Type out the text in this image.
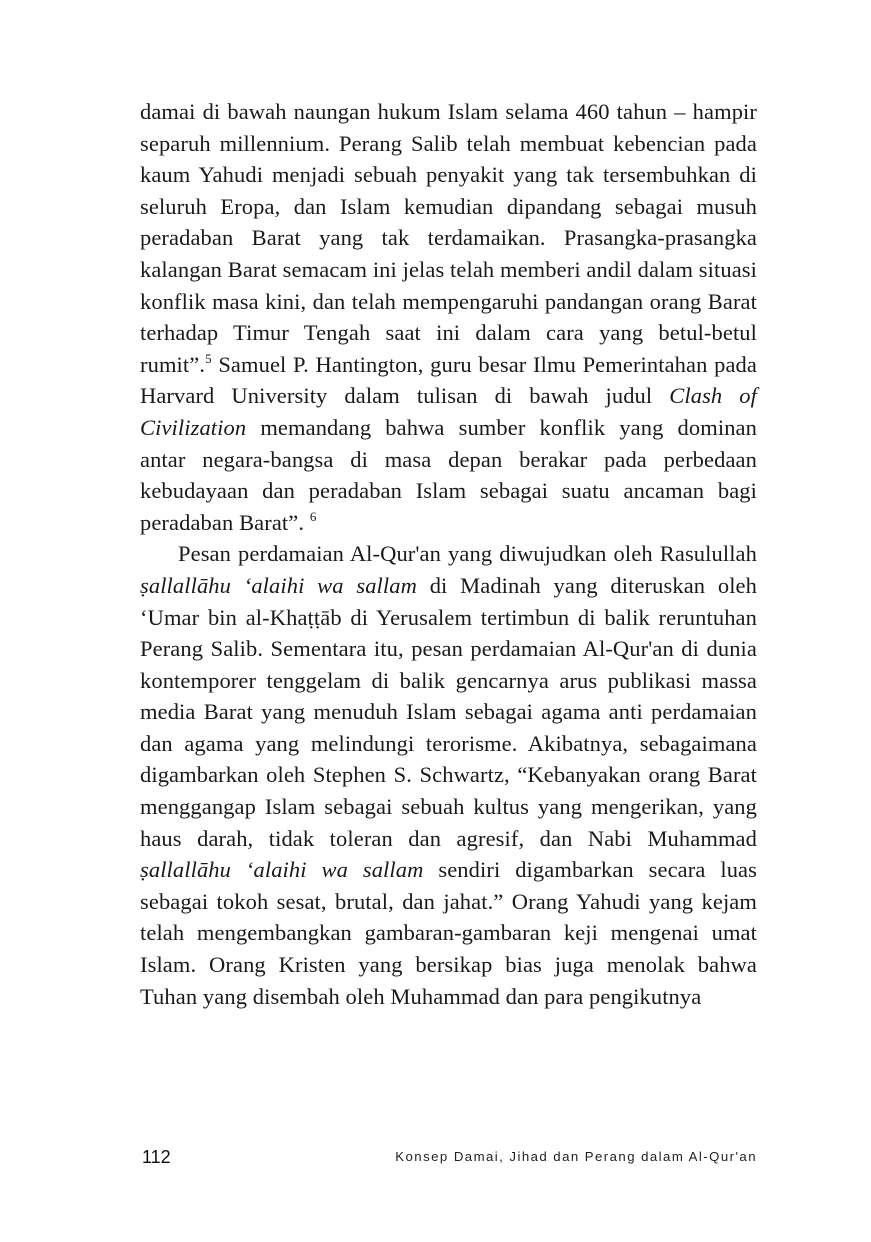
damai di bawah naungan hukum Islam selama 460 tahun – hampir separuh millennium. Perang Salib telah membuat kebencian pada kaum Yahudi menjadi sebuah penyakit yang tak tersembuhkan di seluruh Eropa, dan Islam kemudian dipandang sebagai musuh peradaban Barat yang tak terdamaikan. Prasangka-prasangka kalangan Barat semacam ini jelas telah memberi andil dalam situasi konflik masa kini, dan telah mempengaruhi pandangan orang Barat terhadap Timur Tengah saat ini dalam cara yang betul-betul rumit”.$^5$ Samuel P. Hantington, guru besar Ilmu Pemerintahan pada Harvard University dalam tulisan di bawah judul Clash of Civilization memandang bahwa sumber konflik yang dominan antar negara-bangsa di masa depan berakar pada perbedaan kebudayaan dan peradaban Islam sebagai suatu ancaman bagi peradaban Barat”. $^6$

Pesan perdamaian Al-Qur'an yang diwujudkan oleh Rasulullah ṣallallāhu ‘alaihi wa sallam di Madinah yang diteruskan oleh ‘Umar bin al-Khaṭṭāb di Yerusalem tertimbun di balik reruntuhan Perang Salib. Sementara itu, pesan perdamaian Al-Qur'an di dunia kontemporer tenggelam di balik gencarnya arus publikasi massa media Barat yang menuduh Islam sebagai agama anti perdamaian dan agama yang melindungi terorisme. Akibatnya, sebagaimana digambarkan oleh Stephen S. Schwartz, “Kebanyakan orang Barat menggangap Islam sebagai sebuah kultus yang mengerikan, yang haus darah, tidak toleran dan agresif, dan Nabi Muhammad ṣallallāhu ‘alaihi wa sallam sendiri digambarkan secara luas sebagai tokoh sesat, brutal, dan jahat.” Orang Yahudi yang kejam telah mengembangkan gambaran-gambaran keji mengenai umat Islam. Orang Kristen yang bersikap bias juga menolak bahwa Tuhan yang disembah oleh Muhammad dan para pengikutnya

112	Konsep Damai, Jihad dan Perang dalam Al-Qur'an
